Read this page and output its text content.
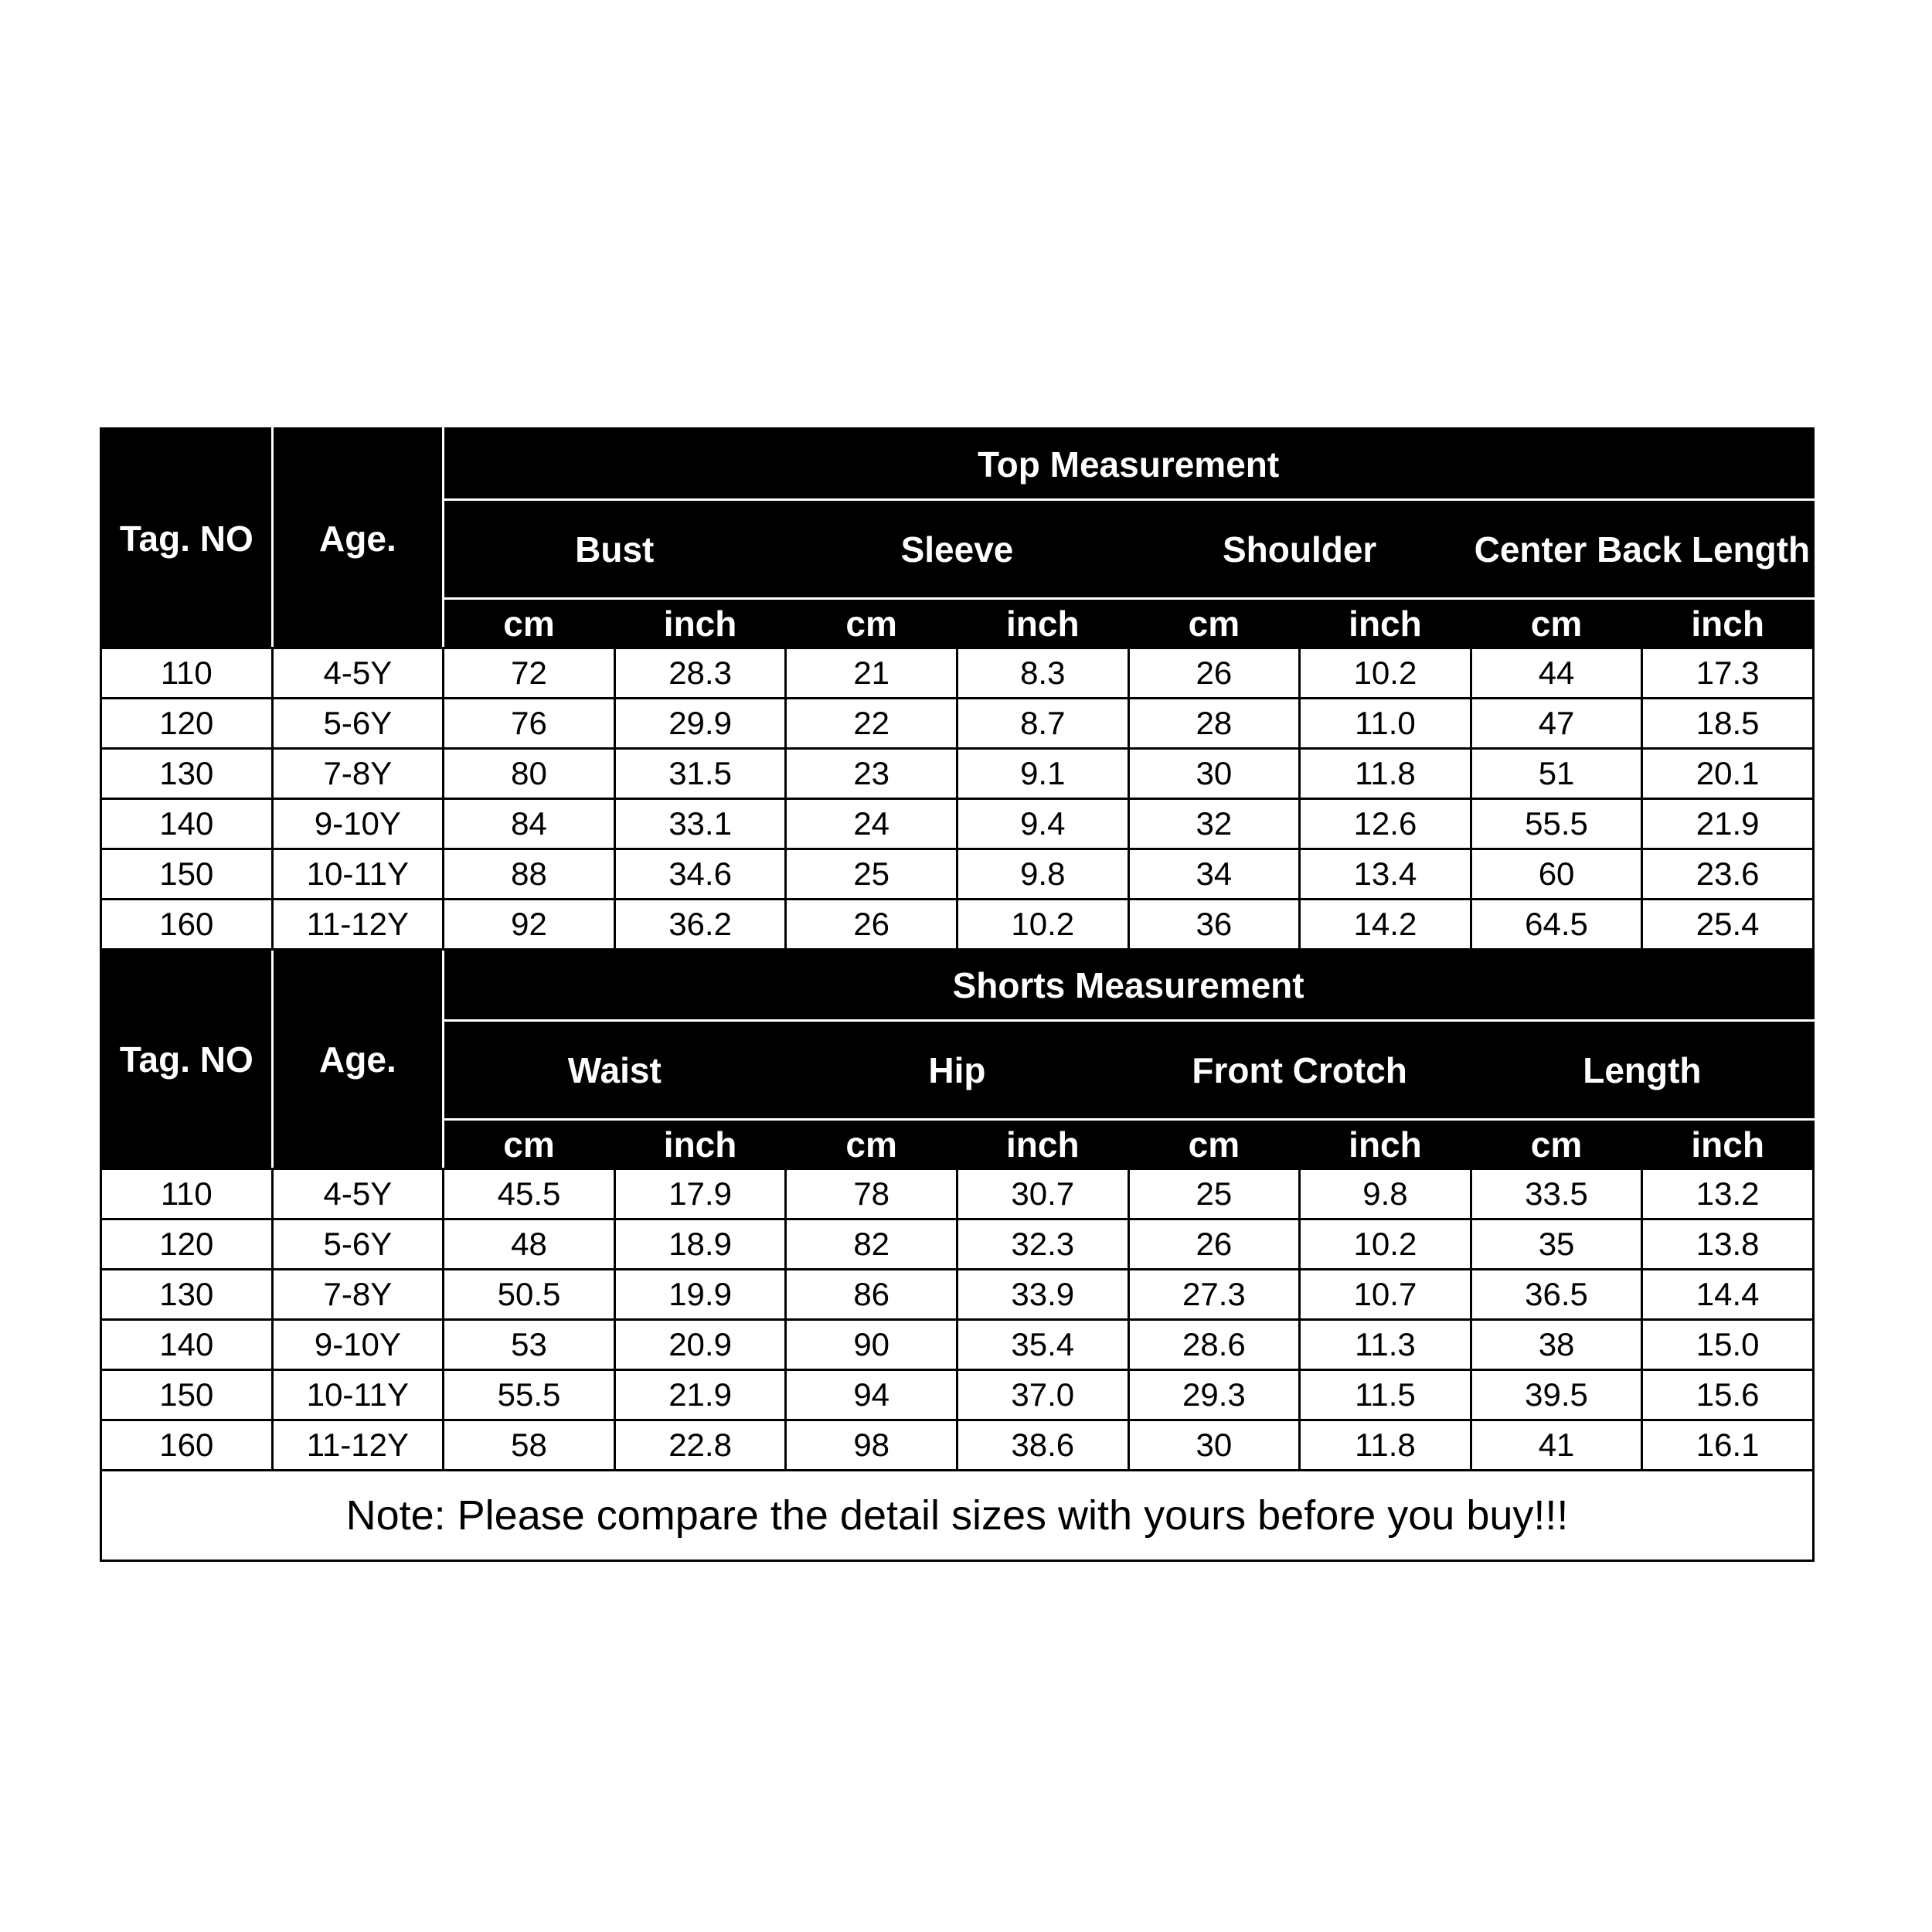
Tag. NO	Age.	Top Measurement							
		Bust		Sleeve		Shoulder		Center Back Length	
		cm	inch	cm	inch	cm	inch	cm	inch
110	4-5Y	72	28.3	21	8.3	26	10.2	44	17.3
120	5-6Y	76	29.9	22	8.7	28	11.0	47	18.5
130	7-8Y	80	31.5	23	9.1	30	11.8	51	20.1
140	9-10Y	84	33.1	24	9.4	32	12.6	55.5	21.9
150	10-11Y	88	34.6	25	9.8	34	13.4	60	23.6
160	11-12Y	92	36.2	26	10.2	36	14.2	64.5	25.4
Tag. NO	Age.	Shorts Measurement							
		Waist		Hip		Front Crotch		Length	
		cm	inch	cm	inch	cm	inch	cm	inch
110	4-5Y	45.5	17.9	78	30.7	25	9.8	33.5	13.2
120	5-6Y	48	18.9	82	32.3	26	10.2	35	13.8
130	7-8Y	50.5	19.9	86	33.9	27.3	10.7	36.5	14.4
140	9-10Y	53	20.9	90	35.4	28.6	11.3	38	15.0
150	10-11Y	55.5	21.9	94	37.0	29.3	11.5	39.5	15.6
160	11-12Y	58	22.8	98	38.6	30	11.8	41	16.1
Note: Please compare the detail sizes with yours before you buy!!!									
